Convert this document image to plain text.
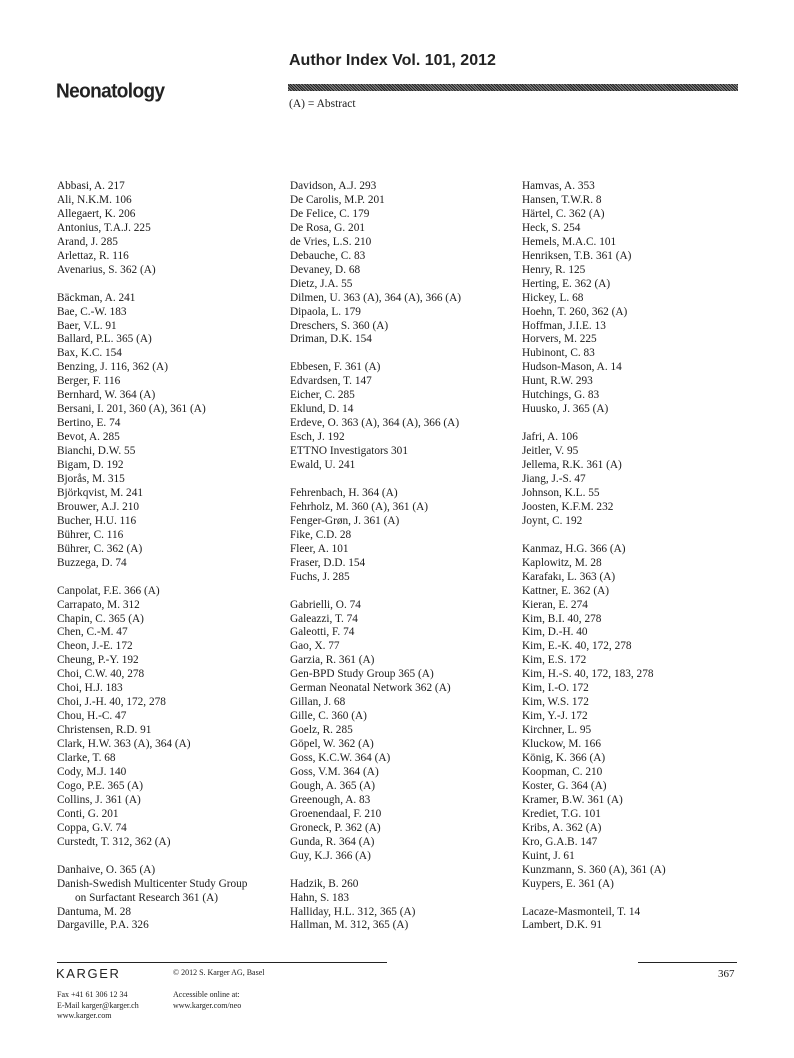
Neonatology
Author Index Vol. 101, 2012
(A) = Abstract
Abbasi, A. 217
Ali, N.K.M. 106
Allegaert, K. 206
Antonius, T.A.J. 225
Arand, J. 285
Arlettaz, R. 116
Avenarius, S. 362 (A)
Bäckman, A. 241
Bae, C.-W. 183
Baer, V.L. 91
Ballard, P.L. 365 (A)
Bax, K.C. 154
Benzing, J. 116, 362 (A)
Berger, F. 116
Bernhard, W. 364 (A)
Bersani, I. 201, 360 (A), 361 (A)
Bertino, E. 74
Bevot, A. 285
Bianchi, D.W. 55
Bigam, D. 192
Bjorås, M. 315
Björkqvist, M. 241
Brouwer, A.J. 210
Bucher, H.U. 116
Bührer, C. 116
Bührer, C. 362 (A)
Buzzega, D. 74
Canpolat, F.E. 366 (A)
Carrapato, M. 312
Chapin, C. 365 (A)
Chen, C.-M. 47
Cheon, J.-E. 172
Cheung, P.-Y. 192
Choi, C.W. 40, 278
Choi, H.J. 183
Choi, J.-H. 40, 172, 278
Chou, H.-C. 47
Christensen, R.D. 91
Clark, H.W. 363 (A), 364 (A)
Clarke, T. 68
Cody, M.J. 140
Cogo, P.E. 365 (A)
Collins, J. 361 (A)
Conti, G. 201
Coppa, G.V. 74
Curstedt, T. 312, 362 (A)
Danhaive, O. 365 (A)
Danish-Swedish Multicenter Study Group
on Surfactant Research 361 (A)
Dantuma, M. 28
Dargaville, P.A. 326
Davidson, A.J. 293
De Carolis, M.P. 201
De Felice, C. 179
De Rosa, G. 201
de Vries, L.S. 210
Debauche, C. 83
Devaney, D. 68
Dietz, J.A. 55
Dilmen, U. 363 (A), 364 (A), 366 (A)
Dipaola, L. 179
Dreschers, S. 360 (A)
Driman, D.K. 154
Ebbesen, F. 361 (A)
Edvardsen, T. 147
Eicher, C. 285
Eklund, D. 14
Erdeve, O. 363 (A), 364 (A), 366 (A)
Esch, J. 192
ETTNO Investigators 301
Ewald, U. 241
Fehrenbach, H. 364 (A)
Fehrholz, M. 360 (A), 361 (A)
Fenger-Grøn, J. 361 (A)
Fike, C.D. 28
Fleer, A. 101
Fraser, D.D. 154
Fuchs, J. 285
Gabrielli, O. 74
Galeazzi, T. 74
Galeotti, F. 74
Gao, X. 77
Garzia, R. 361 (A)
Gen-BPD Study Group 365 (A)
German Neonatal Network 362 (A)
Gillan, J. 68
Gille, C. 360 (A)
Goelz, R. 285
Göpel, W. 362 (A)
Goss, K.C.W. 364 (A)
Goss, V.M. 364 (A)
Gough, A. 365 (A)
Greenough, A. 83
Groenendaal, F. 210
Groneck, P. 362 (A)
Gunda, R. 364 (A)
Guy, K.J. 366 (A)
Hadzik, B. 260
Hahn, S. 183
Halliday, H.L. 312, 365 (A)
Hallman, M. 312, 365 (A)
Hamvas, A. 353
Hansen, T.W.R. 8
Härtel, C. 362 (A)
Heck, S. 254
Hemels, M.A.C. 101
Henriksen, T.B. 361 (A)
Henry, R. 125
Herting, E. 362 (A)
Hickey, L. 68
Hoehn, T. 260, 362 (A)
Hoffman, J.I.E. 13
Horvers, M. 225
Hubinont, C. 83
Hudson-Mason, A. 14
Hunt, R.W. 293
Hutchings, G. 83
Huusko, J. 365 (A)
Jafri, A. 106
Jeitler, V. 95
Jellema, R.K. 361 (A)
Jiang, J.-S. 47
Johnson, K.L. 55
Joosten, K.F.M. 232
Joynt, C. 192
Kanmaz, H.G. 366 (A)
Kaplowitz, M. 28
Karafakı, L. 363 (A)
Kattner, E. 362 (A)
Kieran, E. 274
Kim, B.I. 40, 278
Kim, D.-H. 40
Kim, E.-K. 40, 172, 278
Kim, E.S. 172
Kim, H.-S. 40, 172, 183, 278
Kim, I.-O. 172
Kim, W.S. 172
Kim, Y.-J. 172
Kirchner, L. 95
Kluckow, M. 166
König, K. 366 (A)
Koopman, C. 210
Koster, G. 364 (A)
Kramer, B.W. 361 (A)
Krediet, T.G. 101
Kribs, A. 362 (A)
Kro, G.A.B. 147
Kuint, J. 61
Kunzmann, S. 360 (A), 361 (A)
Kuypers, E. 361 (A)
Lacaze-Masmonteil, T. 14
Lambert, D.K. 91
KARGER	© 2012 S. Karger AG, Basel	367
Fax +41 61 306 12 34
E-Mail karger@karger.ch
www.karger.com
Accessible online at:
www.karger.com/neo
